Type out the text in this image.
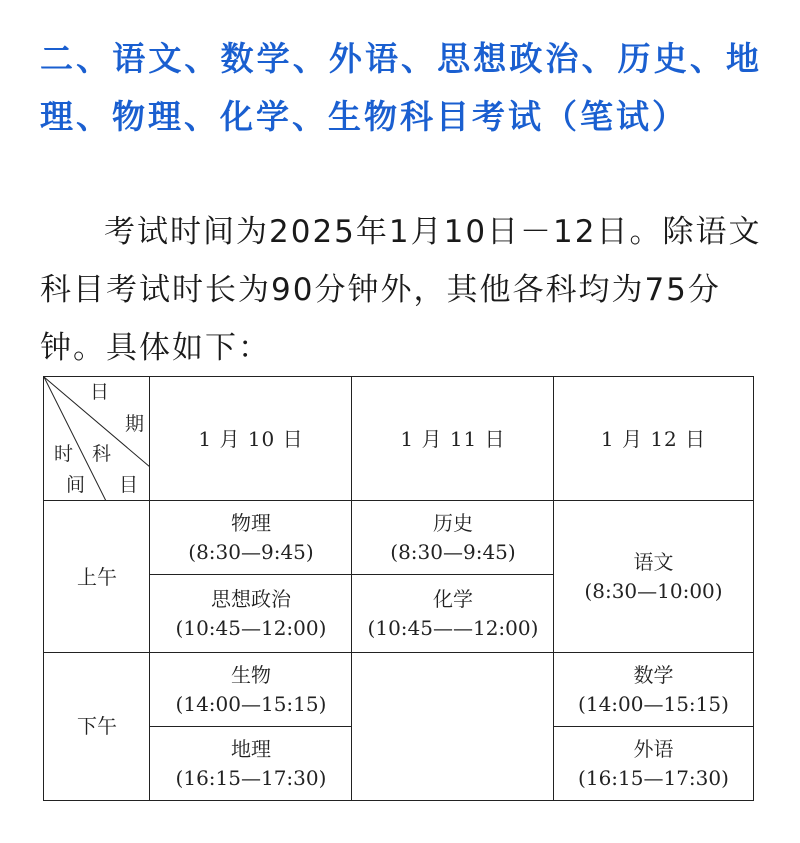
二、语文、数学、外语、思想政治、历史、地理、物理、化学、生物科目考试（笔试）
考试时间为2025年1月10日－12日。除语文科目考试时长为90分钟外，其他各科均为75分钟。具体如下：
日
期
科
目
时
间
1 月 10 日	1 月 11 日	1 月 12 日
上午
下午
物理
(8:30—9:45)
思想政治
(10:45—12:00)
生物
(14:00—15:15)
地理
(16:15—17:30)
历史
(8:30—9:45)
化学
(10:45——12:00)
语文
(8:30—10:00)
数学
(14:00—15:15)
外语
(16:15—17:30)
